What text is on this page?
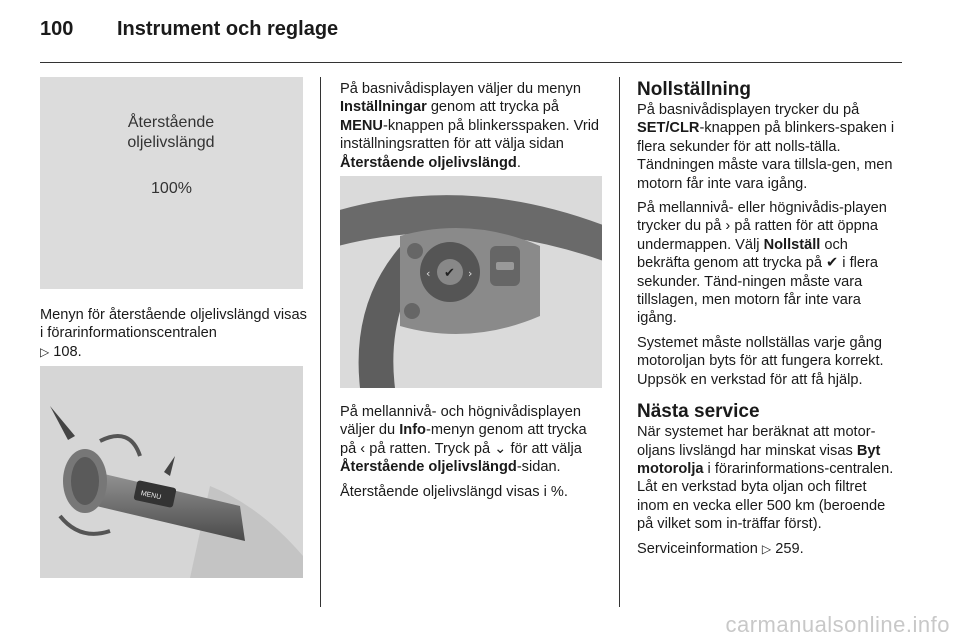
100	Instrument och reglage
Återstående oljelivslängd
100%
Menyn för återstående oljelivslängd visas i förarinformationscentralen
▷ 108.
MENU

På basnivådisplayen väljer du menyn Inställningar genom att trycka på MENU-knappen på blinkersspaken. Vrid inställningsratten för att välja sidan Återstående oljelivslängd.

✔
‹	›

På mellannivå- och högnivådisplayen väljer du Info-menyn genom att trycka på ‹ på ratten. Tryck på ⌄ för att välja Återstående oljelivslängd-sidan.

Återstående oljelivslängd visas i %.

Nollställning

På basnivådisplayen trycker du på SET/CLR-knappen på blinkers-spaken i flera sekunder för att nolls-tälla. Tändningen måste vara tillsla-gen, men motorn får inte vara igång.

På mellannivå- eller högnivådis-playen trycker du på › på ratten för att öppna undermappen. Välj Nollställ och bekräfta genom att trycka på ✔ i flera sekunder. Tänd-ningen måste vara tillslagen, men motorn får inte vara igång.

Systemet måste nollställas varje gång motoroljan byts för att fungera korrekt. Uppsök en verkstad för att få hjälp.

Nästa service

När systemet har beräknat att motor-oljans livslängd har minskat visas Byt motorolja i förarinformations-centralen. Låt en verkstad byta oljan och filtret inom en vecka eller 500 km (beroende på vilket som in-träffar först).

Serviceinformation ▷ 259.

carmanualsonline.info
